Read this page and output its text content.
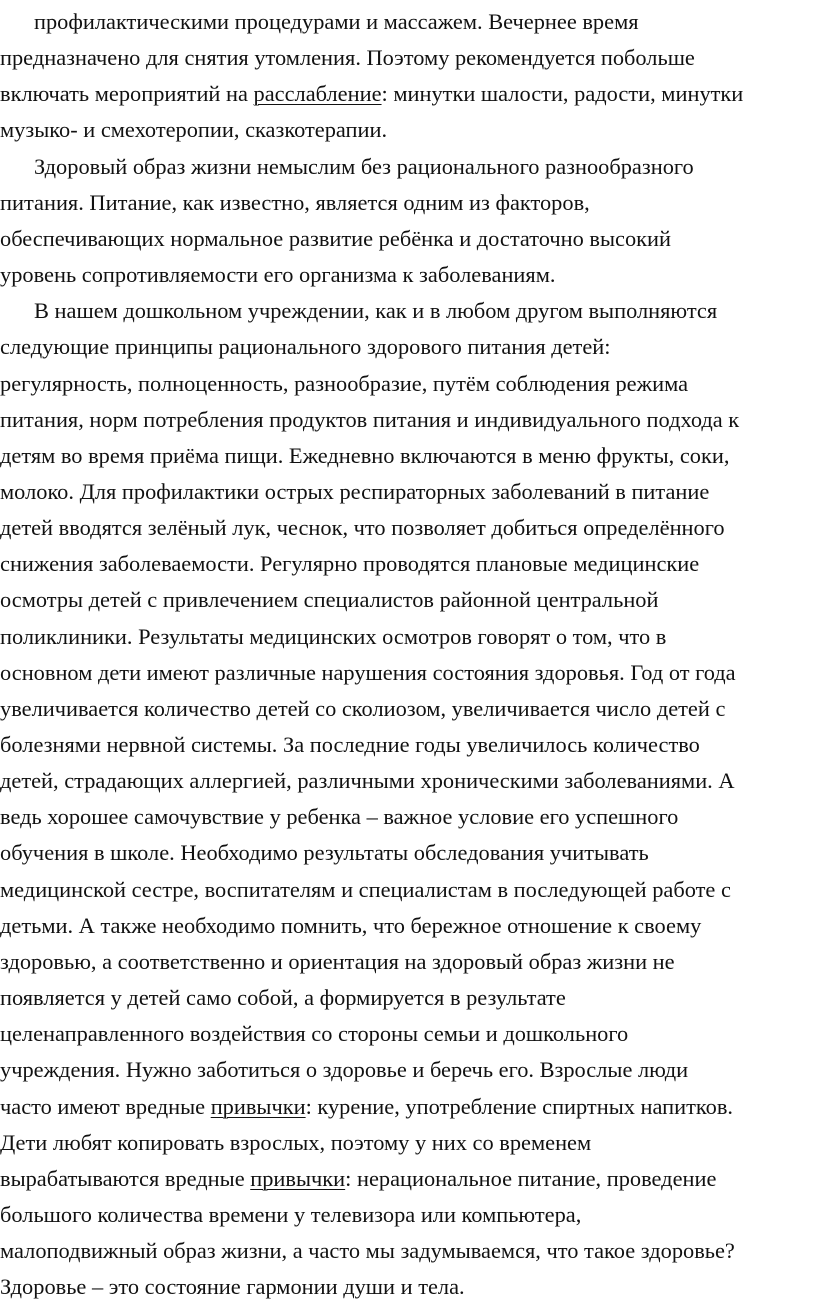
профилактическими процедурами и массажем. Вечернее время
предназначено для снятия утомления. Поэтому рекомендуется побольше
включать мероприятий на расслабление: минутки шалости, радости, минутки
музыко- и смехотеропии, сказкотерапии.
Здоровый образ жизни немыслим без рационального разнообразного
питания. Питание, как известно, является одним из факторов,
обеспечивающих нормальное развитие ребёнка и достаточно высокий
уровень сопротивляемости его организма к заболеваниям.
В нашем дошкольном учреждении, как и в любом другом выполняются
следующие принципы рационального здорового питания детей:
регулярность, полноценность, разнообразие, путём соблюдения режима
питания, норм потребления продуктов питания и индивидуального подхода к
детям во время приёма пищи. Ежедневно включаются в меню фрукты, соки,
молоко. Для профилактики острых респираторных заболеваний в питание
детей вводятся зелёный лук, чеснок, что позволяет добиться определённого
снижения заболеваемости. Регулярно проводятся плановые медицинские
осмотры детей с привлечением специалистов районной центральной
поликлиники. Результаты медицинских осмотров говорят о том, что в
основном дети имеют различные нарушения состояния здоровья. Год от года
увеличивается количество детей со сколиозом, увеличивается число детей с
болезнями нервной системы. За последние годы увеличилось количество
детей, страдающих аллергией, различными хроническими заболеваниями. А
ведь хорошее самочувствие у ребенка – важное условие его успешного
обучения в школе. Необходимо результаты обследования учитывать
медицинской сестре, воспитателям и специалистам в последующей работе с
детьми. А также необходимо помнить, что бережное отношение к своему
здоровью, а соответственно и ориентация на здоровый образ жизни не
появляется у детей само собой, а формируется в результате
целенаправленного воздействия со стороны семьи и дошкольного
учреждения. Нужно заботиться о здоровье и беречь его. Взрослые люди
часто имеют вредные привычки: курение, употребление спиртных напитков.
Дети любят копировать взрослых, поэтому у них со временем
вырабатываются вредные привычки: нерациональное питание, проведение
большого количества времени у телевизора или компьютера,
малоподвижный образ жизни, а часто мы задумываемся, что такое здоровье?
Здоровье – это состояние гармонии души и тела.
